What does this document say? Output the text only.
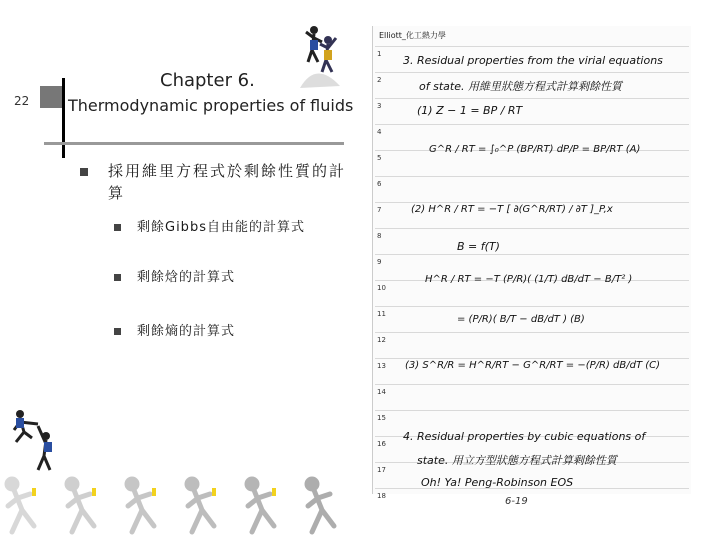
22
Chapter 6.
Thermodynamic properties of fluids
採用維里方程式於剩餘性質的計算
剩餘Gibbs自由能的計算式
剩餘焓的計算式
剩餘熵的計算式
Elliott_化工熱力學
1
2
3
4
5
6
7
8
9
10
11
12
13
14
15
16
17
18
3. Residual properties from the virial equations
of state. 用維里狀態方程式計算剩餘性質
(1) Z − 1 = BP / RT
G^R / RT = ∫₀^P (BP/RT) dP/P = BP/RT (A)
(2) H^R / RT = −T [ ∂(G^R/RT) / ∂T ]_P,x
B = f(T)
H^R / RT = −T (P/R)( (1/T) dB/dT − B/T² )
= (P/R)( B/T − dB/dT ) (B)
(3) S^R/R = H^R/RT − G^R/RT = −(P/R) dB/dT (C)
4. Residual properties by cubic equations of
state. 用立方型狀態方程式計算剩餘性質
Oh! Ya! Peng-Robinson EOS
6-19
